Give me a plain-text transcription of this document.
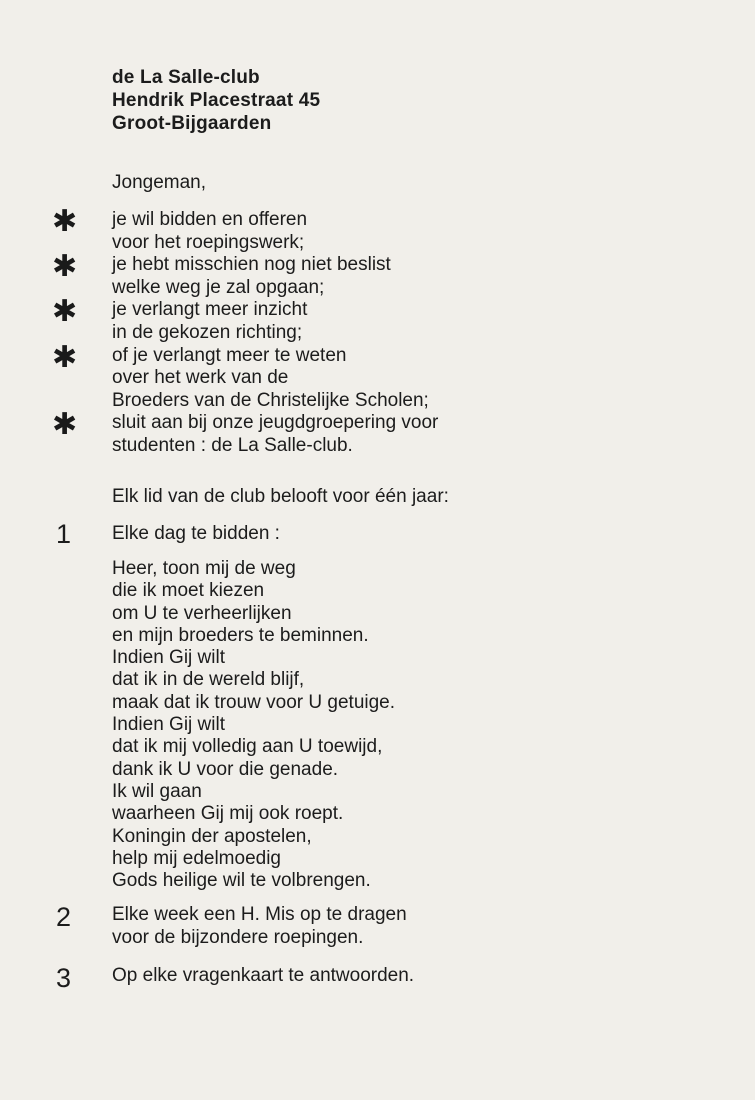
de La Salle-club
Hendrik Placestraat 45
Groot-Bijgaarden
Jongeman,
✱ je wil bidden en offeren
voor het roepingswerk;
✱ je hebt misschien nog niet beslist
welke weg je zal opgaan;
✱ je verlangt meer inzicht
in de gekozen richting;
✱ of je verlangt meer te weten
over het werk van de
Broeders van de Christelijke Scholen;
✱ sluit aan bij onze jeugdgroepering voor
studenten : de La Salle-club.
Elk lid van de club belooft voor één jaar:
1	Elke dag te bidden :
Heer, toon mij de weg
die ik moet kiezen
om U te verheerlijken
en mijn broeders te beminnen.
Indien Gij wilt
dat ik in de wereld blijf,
maak dat ik trouw voor U getuige.
Indien Gij wilt
dat ik mij volledig aan U toewijd,
dank ik U voor die genade.
Ik wil gaan
waarheen Gij mij ook roept.
Koningin der apostelen,
help mij edelmoedig
Gods heilige wil te volbrengen.
2	Elke week een H. Mis op te dragen
voor de bijzondere roepingen.
3	Op elke vragenkaart te antwoorden.
